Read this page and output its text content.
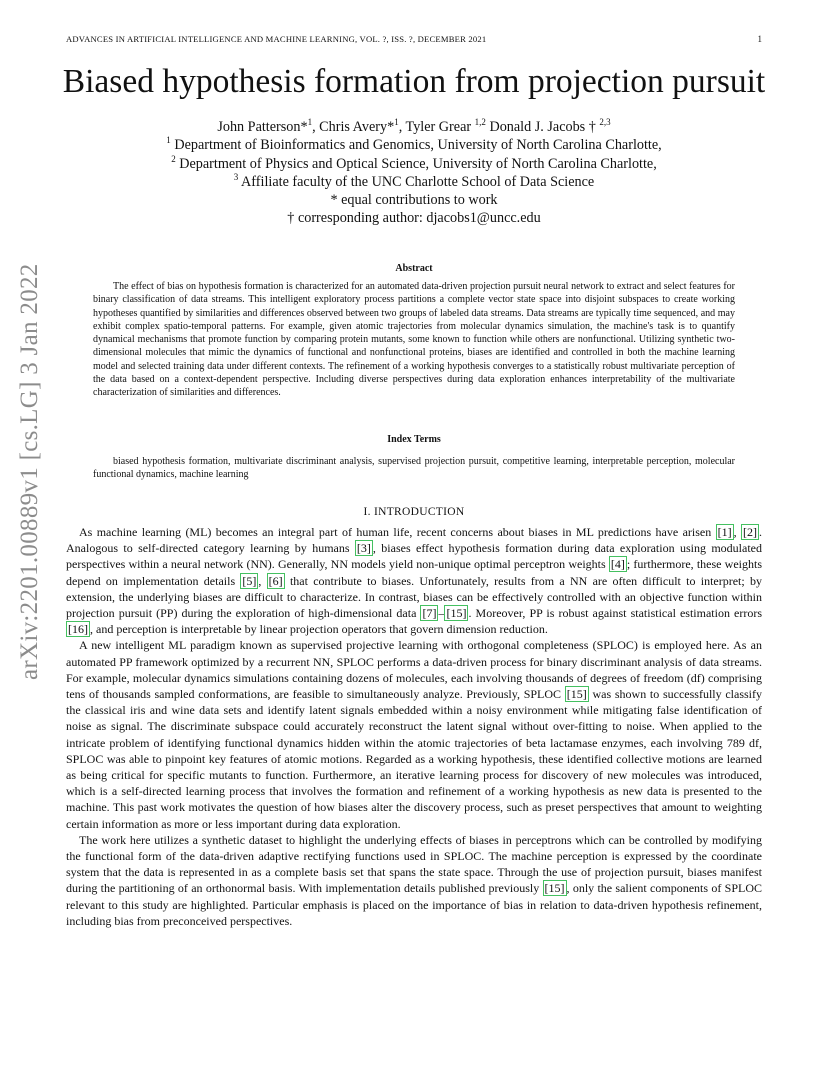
ADVANCES IN ARTIFICIAL INTELLIGENCE AND MACHINE LEARNING, VOL. ?, ISS. ?, DECEMBER 2021	1
arXiv:2201.00889v1 [cs.LG] 3 Jan 2022
Biased hypothesis formation from projection pursuit
John Patterson*$^1$, Chris Avery*$^1$, Tyler Grear $^{1,2}$ Donald J. Jacobs † $^{2,3}$
$^1$ Department of Bioinformatics and Genomics, University of North Carolina Charlotte,
$^2$ Department of Physics and Optical Science, University of North Carolina Charlotte,
$^3$ Affiliate faculty of the UNC Charlotte School of Data Science
* equal contributions to work
† corresponding author: djacobs1@uncc.edu
Abstract

The effect of bias on hypothesis formation is characterized for an automated data-driven projection pursuit neural network to extract and select features for binary classification of data streams. This intelligent exploratory process partitions a complete vector state space into disjoint subspaces to create working hypotheses quantified by similarities and differences observed between two groups of labeled data streams. Data streams are typically time sequenced, and may exhibit complex spatio-temporal patterns. For example, given atomic trajectories from molecular dynamics simulation, the machine's task is to quantify dynamical mechanisms that promote function by comparing protein mutants, some known to function while others are nonfunctional. Utilizing synthetic two-dimensional molecules that mimic the dynamics of functional and nonfunctional proteins, biases are identified and controlled in both the machine learning model and selected training data under different contexts. The refinement of a working hypothesis converges to a statistically robust multivariate perception of the data based on a context-dependent perspective. Including diverse perspectives during data exploration enhances interpretability of the multivariate characterization of similarities and differences.

Index Terms

biased hypothesis formation, multivariate discriminant analysis, supervised projection pursuit, competitive learning, interpretable perception, molecular functional dynamics, machine learning

I. INTRODUCTION

As machine learning (ML) becomes an integral part of human life, recent concerns about biases in ML predictions have arisen [1] , [2] . Analogous to self-directed category learning by humans [3] , biases effect hypothesis formation during data exploration using modulated perspectives within a neural network (NN). Generally, NN models yield non-unique optimal perceptron weights [4] ; furthermore, these weights depend on implementation details [5] , [6] that contribute to biases. Unfortunately, results from a NN are often difficult to interpret; by extension, the underlying biases are difficult to characterize. In contrast, biases can be effectively controlled with an objective function within projection pursuit (PP) during the exploration of high-dimensional data [7] – [15] . Moreover, PP is robust against statistical estimation errors [16] , and perception is interpretable by linear projection operators that govern dimension reduction.

A new intelligent ML paradigm known as supervised projective learning with orthogonal completeness (SPLOC) is employed here. As an automated PP framework optimized by a recurrent NN, SPLOC performs a data-driven process for binary discriminant analysis of data streams. For example, molecular dynamics simulations containing dozens of molecules, each involving thousands of degrees of freedom (df) comprising tens of thousands sampled conformations, are feasible to simultaneously analyze. Previously, SPLOC [15] was shown to successfully classify the classical iris and wine data sets and identify latent signals embedded within a noisy environment while mitigating false identification of noise as signal. The discriminate subspace could accurately reconstruct the latent signal without over-fitting to noise. When applied to the intricate problem of identifying functional dynamics hidden within the atomic trajectories of beta lactamase enzymes, each involving 789 df, SPLOC was able to pinpoint key features of atomic motions. Regarded as a working hypothesis, these identified collective motions are learned as being critical for specific mutants to function. Furthermore, an iterative learning process for discovery of new molecules was introduced, which is a self-directed learning process that involves the formation and refinement of a working hypothesis as new data is presented to the machine. This past work motivates the question of how biases alter the discovery process, such as preset perspectives that amount to weighting certain information as more or less important during data exploration.

The work here utilizes a synthetic dataset to highlight the underlying effects of biases in perceptrons which can be controlled by modifying the functional form of the data-driven adaptive rectifying functions used in SPLOC. The machine perception is expressed by the coordinate system that the data is represented in as a complete basis set that spans the state space. Through the use of projection pursuit, biases manifest during the partitioning of an orthonormal basis. With implementation details published previously [15] , only the salient components of SPLOC relevant to this study are highlighted. Particular emphasis is placed on the importance of bias in relation to data-driven hypothesis refinement, including bias from preconceived perspectives.
